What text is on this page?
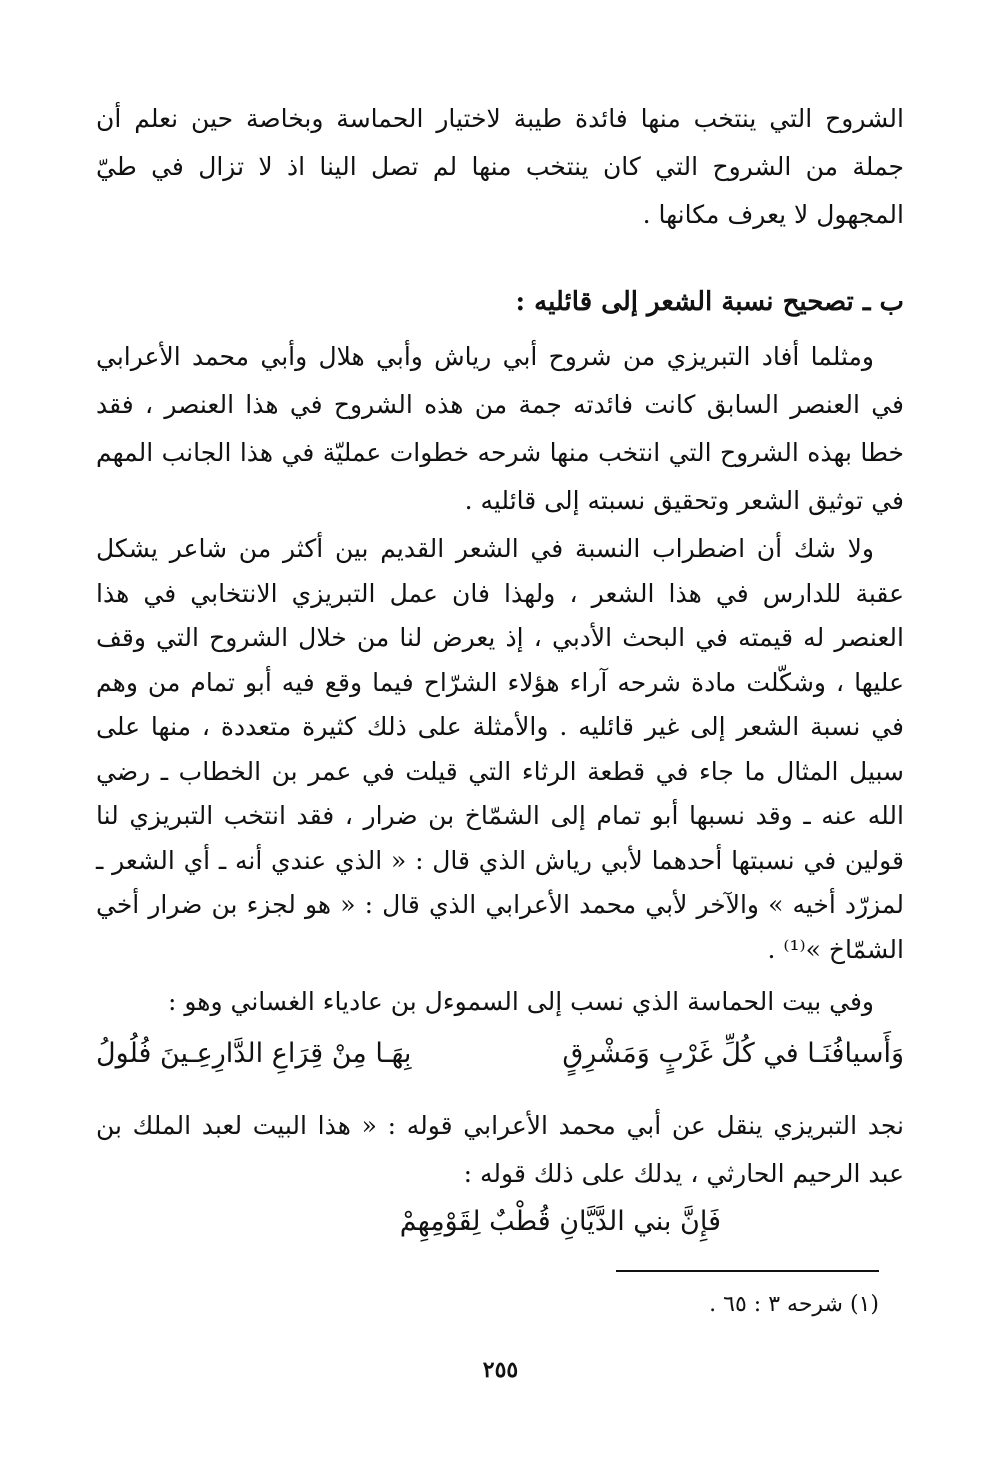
الشروح التي ينتخب منها فائدة طيبة لاختيار الحماسة وبخاصة حين نعلم أن جملة من الشروح التي كان ينتخب منها لم تصل الينا اذ لا تزال في طيّ المجهول لا يعرف مكانها .

ب ـ تصحيح نسبة الشعر إلى قائليه :

ومثلما أفاد التبريزي من شروح أبي رياش وأبي هلال وأبي محمد الأعرابي في العنصر السابق كانت فائدته جمة من هذه الشروح في هذا العنصر ، فقد خطا بهذه الشروح التي انتخب منها شرحه خطوات عمليّة في هذا الجانب المهم في توثيق الشعر وتحقيق نسبته إلى قائليه .

ولا شك أن اضطراب النسبة في الشعر القديم بين أكثر من شاعر يشكل عقبة للدارس في هذا الشعر ، ولهذا فان عمل التبريزي الانتخابي في هذا العنصر له قيمته في البحث الأدبي ، إذ يعرض لنا من خلال الشروح التي وقف عليها ، وشكّلت مادة شرحه آراء هؤلاء الشرّاح فيما وقع فيه أبو تمام من وهم في نسبة الشعر إلى غير قائليه . والأمثلة على ذلك كثيرة متعددة ، منها على سبيل المثال ما جاء في قطعة الرثاء التي قيلت في عمر بن الخطاب ـ رضي الله عنه ـ وقد نسبها أبو تمام إلى الشمّاخ بن ضرار ، فقد انتخب التبريزي لنا قولين في نسبتها أحدهما لأبي رياش الذي قال : « الذي عندي أنه ـ أي الشعر ـ لمزرّد أخيه » والآخر لأبي محمد الأعرابي الذي قال : « هو لجزء بن ضرار أخي الشمّاخ »⁽¹⁾ .

وفي بيت الحماسة الذي نسب إلى السموءل بن عادياء الغساني وهو :

وَأَسيافُنَـا في كُلِّ غَرْبٍ وَمَشْرِقٍ
بِهَـا مِنْ قِرَاعِ الدَّارِعِـينَ فُلُولُ

نجد التبريزي ينقل عن أبي محمد الأعرابي قوله : « هذا البيت لعبد الملك بن عبد الرحيم الحارثي ، يدلك على ذلك قوله :

فَإِنَّ بني الدَّيَّانِ قُطْبٌ لِقَوْمِهِمْ
(١) شرحه ٣ : ٦٥ .
٢٥٥
